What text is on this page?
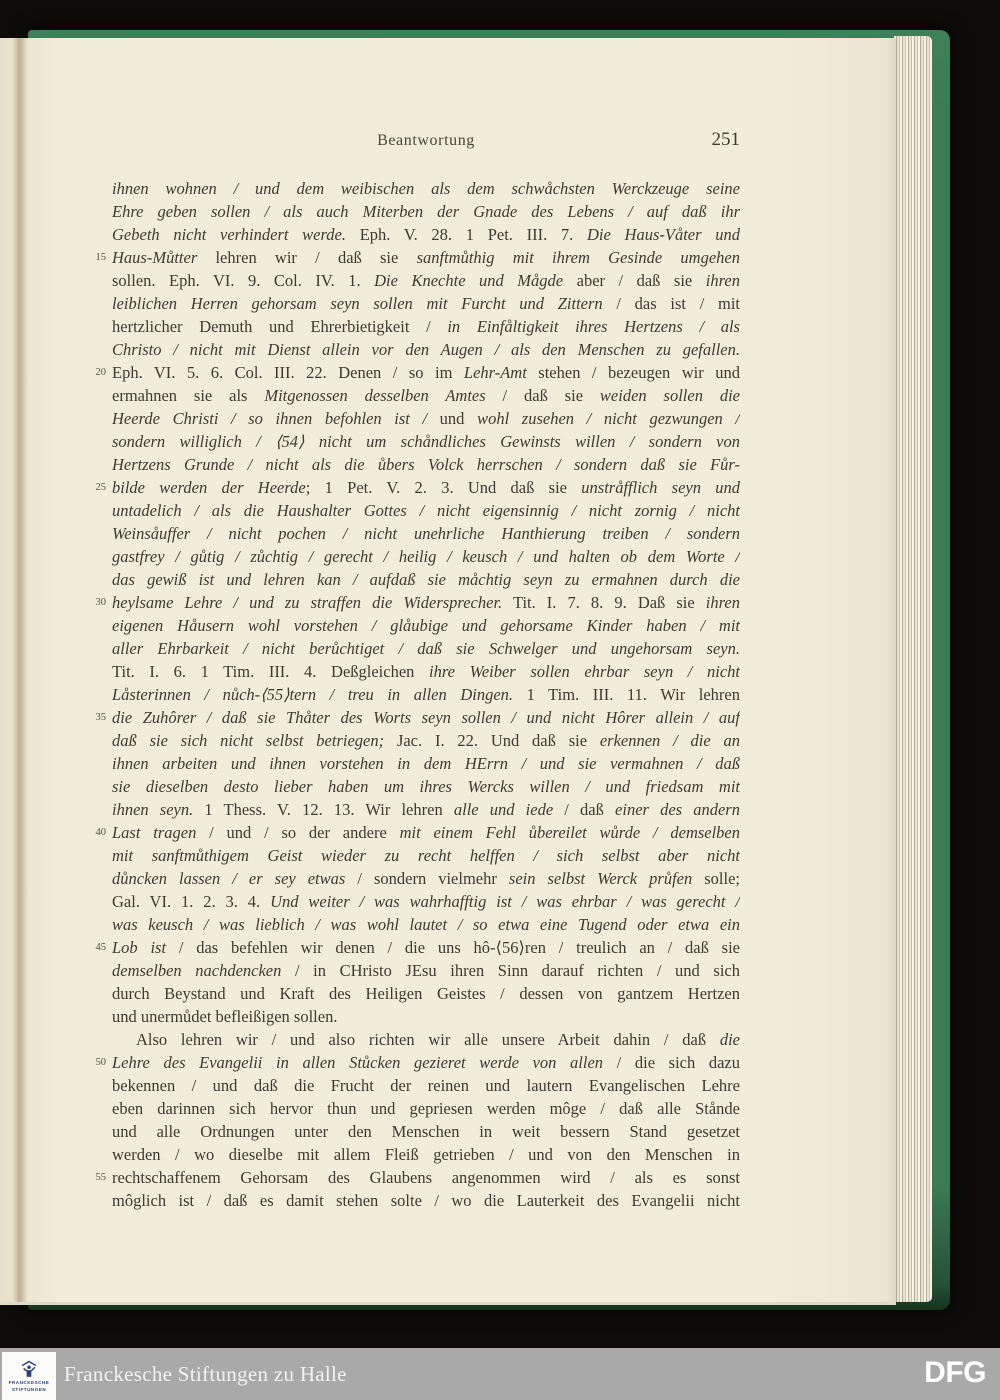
Beantwortung	251
ihnen wohnen / und dem weibischen als dem schwåchsten Werckzeuge seine
Ehre geben sollen / als auch Miterben der Gnade des Lebens / auf daß ihr
Gebeth nicht verhindert werde. Eph. V. 28. 1 Pet. III. 7. Die Haus-Våter und
15 Haus-Můtter lehren wir / daß sie sanftmůthig mit ihrem Gesinde umgehen
sollen. Eph. VI. 9. Col. IV. 1. Die Knechte und Mågde aber / daß sie ihren
leiblichen Herren gehorsam seyn sollen mit Furcht und Zittern / das ist / mit
hertzlicher Demuth und Ehrerbietigkeit / in Einfåltigkeit ihres Hertzens / als
Christo / nicht mit Dienst allein vor den Augen / als den Menschen zu gefallen.
20 Eph. VI. 5. 6. Col. III. 22. Denen / so im Lehr-Amt stehen / bezeugen wir und
ermahnen sie als Mitgenossen desselben Amtes / daß sie weiden sollen die
Heerde Christi / so ihnen befohlen ist / und wohl zusehen / nicht gezwungen /
sondern williglich / ⟨54⟩ nicht um schåndliches Gewinsts willen / sondern von
Hertzens Grunde / nicht als die ůbers Volck herrschen / sondern daß sie Fůr-
25 bilde werden der Heerde; 1 Pet. V. 2. 3. Und daß sie unstråfflich seyn und
untadelich / als die Haushalter Gottes / nicht eigensinnig / nicht zornig / nicht
Weinsåuffer / nicht pochen / nicht unehrliche Hanthierung treiben / sondern
gastfrey / gůtig / zůchtig / gerecht / heilig / keusch / und halten ob dem Worte /
das gewiß ist und lehren kan / aufdaß sie måchtig seyn zu ermahnen durch die
30 heylsame Lehre / und zu straffen die Widersprecher. Tit. I. 7. 8. 9. Daß sie ihren
eigenen Håusern wohl vorstehen / glåubige und gehorsame Kinder haben / mit
aller Ehrbarkeit / nicht berůchtiget / daß sie Schwelger und ungehorsam seyn.
Tit. I. 6. 1 Tim. III. 4. Deßgleichen ihre Weiber sollen ehrbar seyn / nicht
Låsterinnen / nůch-⟨55⟩tern / treu in allen Dingen. 1 Tim. III. 11. Wir lehren
35 die Zuhôrer / daß sie Thåter des Worts seyn sollen / und nicht Hôrer allein / auf
daß sie sich nicht selbst betriegen; Jac. I. 22. Und daß sie erkennen / die an
ihnen arbeiten und ihnen vorstehen in dem HErrn / und sie vermahnen / daß
sie dieselben desto lieber haben um ihres Wercks willen / und friedsam mit
ihnen seyn. 1 Thess. V. 12. 13. Wir lehren alle und iede / daß einer des andern
40 Last tragen / und / so der andere mit einem Fehl ůbereilet wůrde / demselben
mit sanftmůthigem Geist wieder zu recht helffen / sich selbst aber nicht
důncken lassen / er sey etwas / sondern vielmehr sein selbst Werck průfen solle;
Gal. VI. 1. 2. 3. 4. Und weiter / was wahrhafftig ist / was ehrbar / was gerecht /
was keusch / was lieblich / was wohl lautet / so etwa eine Tugend oder etwa ein
45 Lob ist / das befehlen wir denen / die uns hô-⟨56⟩ren / treulich an / daß sie
demselben nachdencken / in CHristo JEsu ihren Sinn darauf richten / und sich
durch Beystand und Kraft des Heiligen Geistes / dessen von gantzem Hertzen
und unermůdet befleißigen sollen.
Also lehren wir / und also richten wir alle unsere Arbeit dahin / daß die
50 Lehre des Evangelii in allen Stůcken gezieret werde von allen / die sich dazu
bekennen / und daß die Frucht der reinen und lautern Evangelischen Lehre
eben darinnen sich hervor thun und gepriesen werden môge / daß alle Stånde
und alle Ordnungen unter den Menschen in weit bessern Stand gesetzet
werden / wo dieselbe mit allem Fleiß getrieben / und von den Menschen in
55 rechtschaffenem Gehorsam des Glaubens angenommen wird / als es sonst
môglich ist / daß es damit stehen solte / wo die Lauterkeit des Evangelii nicht
FRANCKESCHE
STIFTUNGEN
Franckesche Stiftungen zu Halle	DFG
